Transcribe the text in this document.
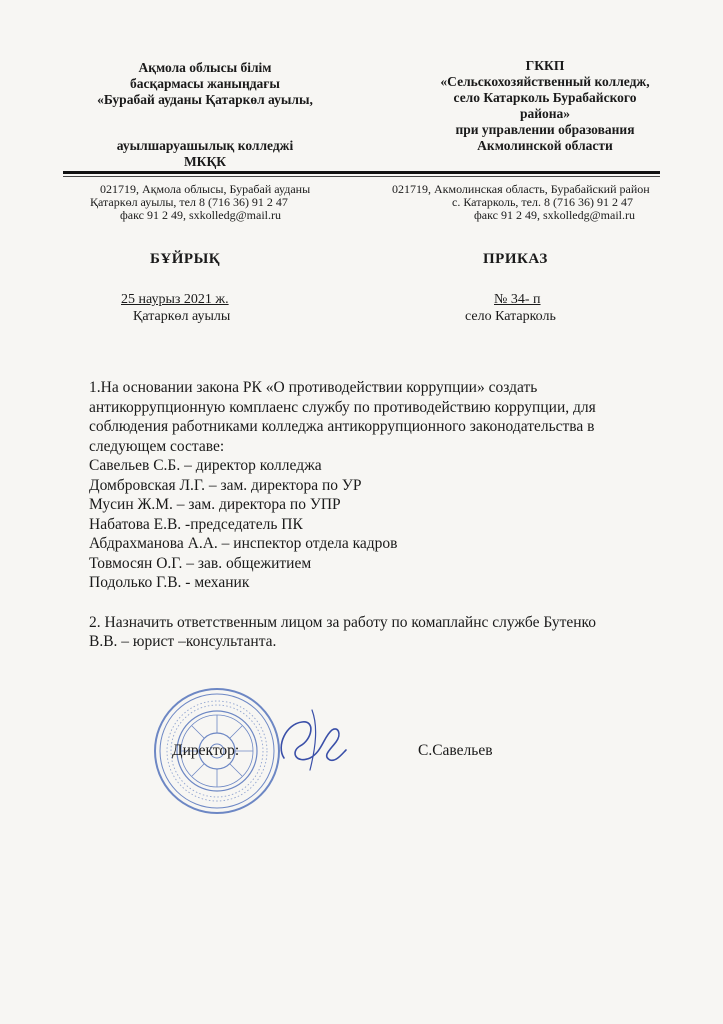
Ақмола облысы білім
басқармасы жаныңдағы
«Бурабай ауданы Қатаркөл ауылы,
ауылшаруашылық колледжі
МКҚК
ГККП
«Сельскохозяйственный колледж,
село Катарколь Бурабайского
района»
при управлении образования
Акмолинской области
021719, Ақмола облысы, Бурабай ауданы
Қатаркөл ауылы, тел 8 (716 36) 91 2 47
факс 91 2 49, sxkolledg@mail.ru
021719, Акмолинская область, Бурабайский район
с. Катарколь, тел. 8 (716 36) 91 2 47
факс 91 2 49, sxkolledg@mail.ru
БҰЙРЫҚ	ПРИКАЗ
25 наурыз 2021 ж.	№ 34- п
Қатаркөл ауылы	село Катарколь
1.На основании закона РК «О противодействии коррупции» создать
антикоррупционную комплаенс службу по противодействию коррупции, для
соблюдения работниками колледжа антикоррупционного законодательства в
следующем составе:
Савельев С.Б. – директор колледжа
Домбровская Л.Г. – зам. директора по УР
Мусин Ж.М. – зам. директора по УПР
Набатова Е.В. -председатель ПК
Абдрахманова А.А. – инспектор отдела кадров
Товмосян О.Г. – зав. общежитием
Подолько Г.В. - механик
2. Назначить ответственным лицом за работу по комаплайнс службе Бутенко
В.В. – юрист –консультанта.
Директор:	С.Савельев
